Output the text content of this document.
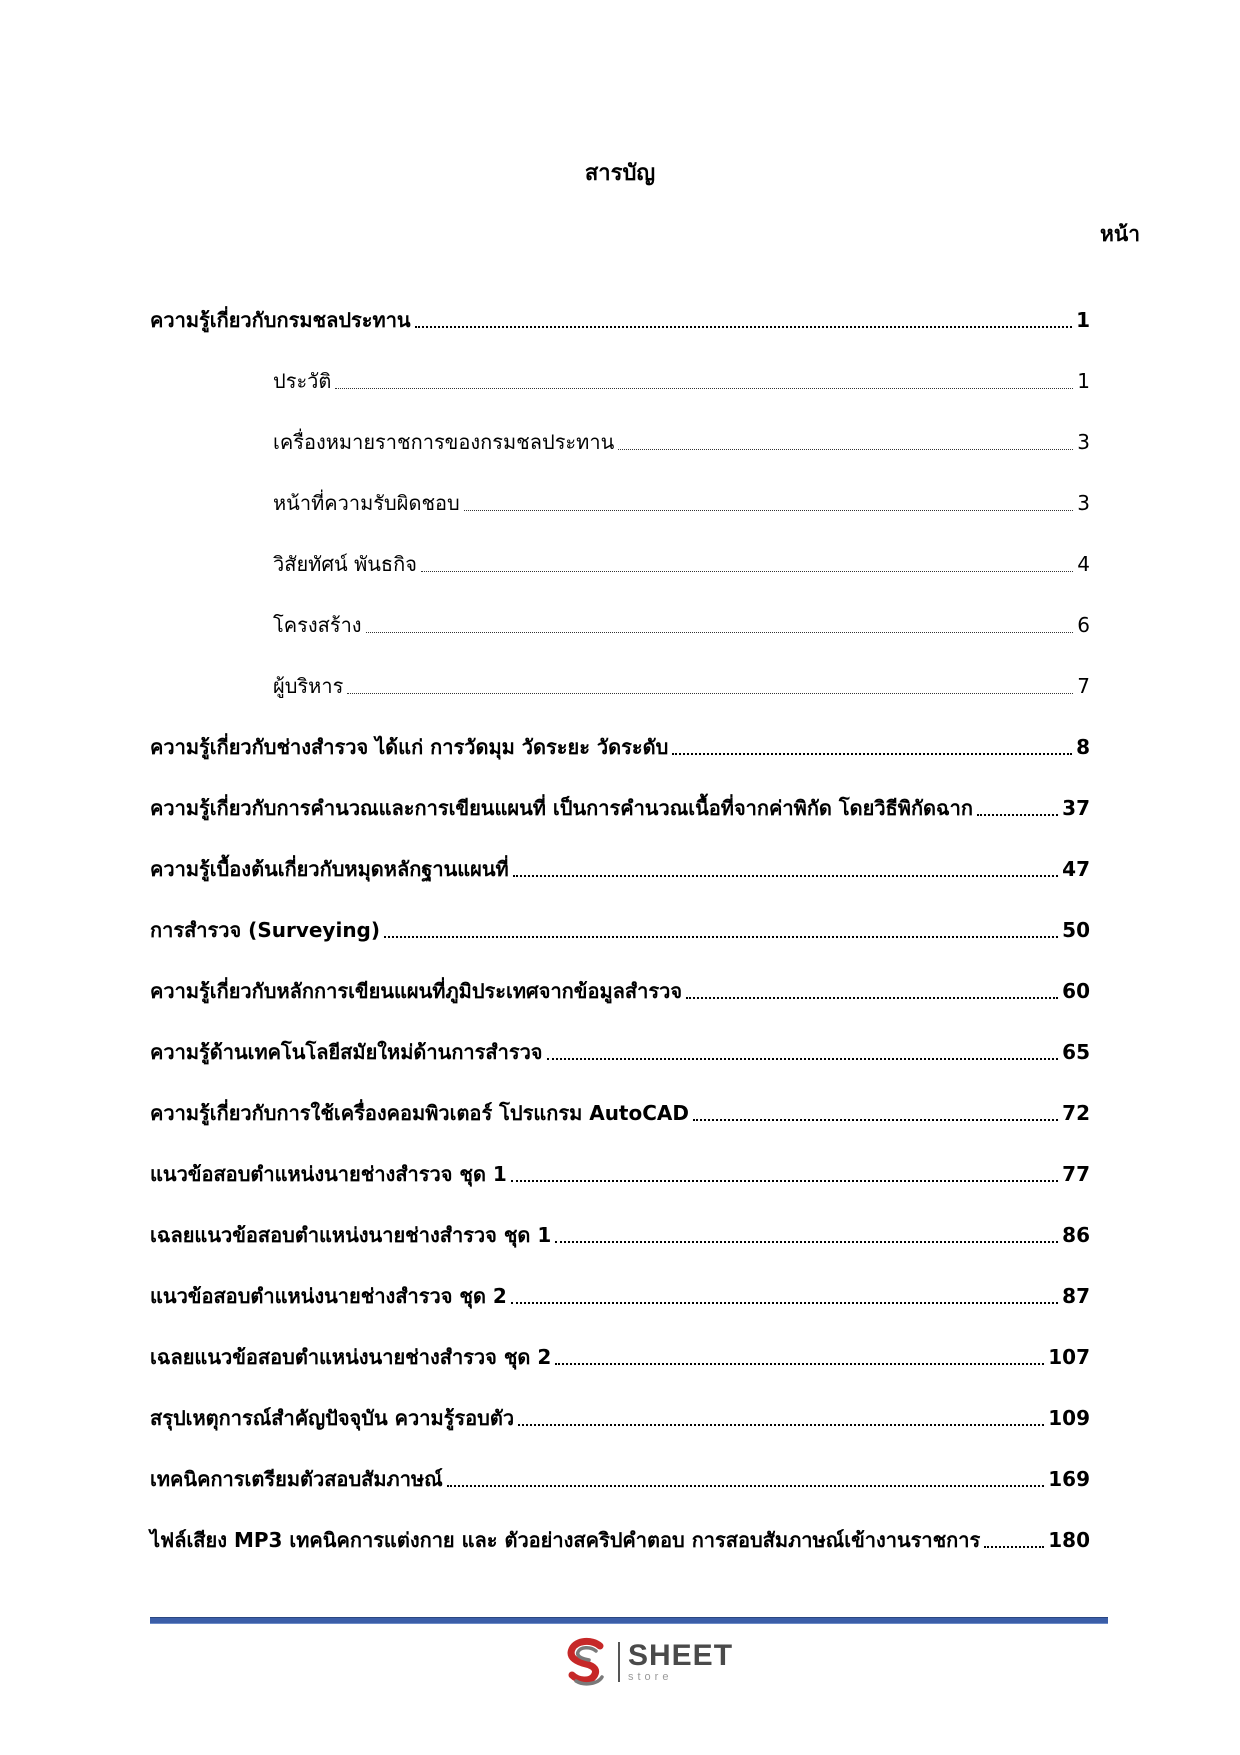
สารบัญ
หน้า
ความรู้เกี่ยวกับกรมชลประทาน	1
ประวัติ	1
เครื่องหมายราชการของกรมชลประทาน	3
หน้าที่ความรับผิดชอบ	3
วิสัยทัศน์ พันธกิจ	4
โครงสร้าง	6
ผู้บริหาร	7
ความรู้เกี่ยวกับช่างสำรวจ ได้แก่ การวัดมุม วัดระยะ วัดระดับ	8
ความรู้เกี่ยวกับการคำนวณและการเขียนแผนที่ เป็นการคำนวณเนื้อที่จากค่าพิกัด โดยวิธีพิกัดฉาก	37
ความรู้เบื้องต้นเกี่ยวกับหมุดหลักฐานแผนที่	47
การสำรวจ (Surveying)	50
ความรู้เกี่ยวกับหลักการเขียนแผนที่ภูมิประเทศจากข้อมูลสำรวจ	60
ความรู้ด้านเทคโนโลยีสมัยใหม่ด้านการสำรวจ	65
ความรู้เกี่ยวกับการใช้เครื่องคอมพิวเตอร์ โปรแกรม AutoCAD	72
แนวข้อสอบตำแหน่งนายช่างสำรวจ ชุด 1	77
เฉลยแนวข้อสอบตำแหน่งนายช่างสำรวจ ชุด 1	86
แนวข้อสอบตำแหน่งนายช่างสำรวจ ชุด 2	87
เฉลยแนวข้อสอบตำแหน่งนายช่างสำรวจ ชุด 2	107
สรุปเหตุการณ์สำคัญปัจจุบัน ความรู้รอบตัว	109
เทคนิคการเตรียมตัวสอบสัมภาษณ์	169
ไฟล์เสียง MP3 เทคนิคการแต่งกาย และ ตัวอย่างสคริปคำตอบ การสอบสัมภาษณ์เข้างานราชการ	180
SHEET
store
